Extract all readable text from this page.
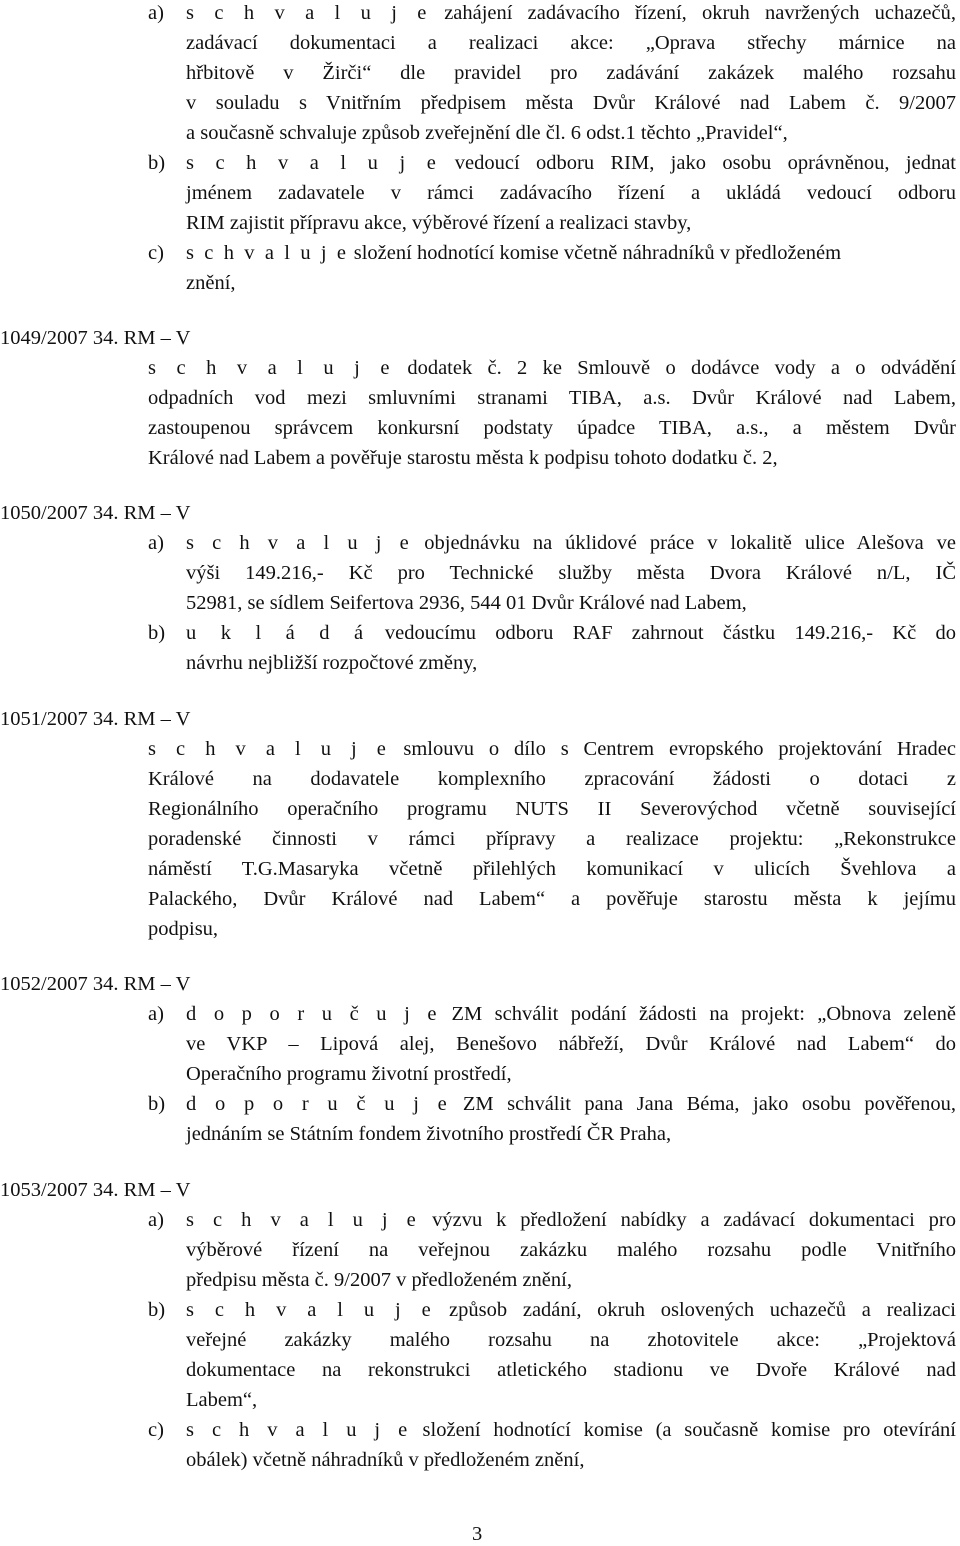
a) s c h v a l u j e zahájení zadávacího řízení, okruh navržených uchazečů,
zadávací dokumentaci a realizaci akce: „Oprava střechy márnice na
hřbitově v Žirči“ dle pravidel pro zadávání zakázek malého rozsahu
v souladu s Vnitřním předpisem města Dvůr Králové nad Labem č. 9/2007
a současně schvaluje způsob zveřejnění dle čl. 6 odst.1 těchto „Pravidel“,
b) s c h v a l u j e vedoucí odboru RIM, jako osobu oprávněnou, jednat
jménem zadavatele v rámci zadávacího řízení a ukládá vedoucí odboru
RIM zajistit přípravu akce, výběrové řízení a realizaci stavby,
c) s c h v a l u j e složení hodnotící komise včetně náhradníků v předloženém
znění,
1049/2007 34. RM – V
s c h v a l u j e dodatek č. 2 ke Smlouvě o dodávce vody a o odvádění
odpadních vod mezi smluvními stranami TIBA, a.s. Dvůr Králové nad Labem,
zastoupenou správcem konkursní podstaty úpadce TIBA, a.s., a městem Dvůr
Králové nad Labem a pověřuje starostu města k podpisu tohoto dodatku č. 2,
1050/2007 34. RM – V
a) s c h v a l u j e objednávku na úklidové práce v lokalitě ulice Alešova ve
výši 149.216,- Kč pro Technické služby města Dvora Králové n/L, IČ
52981, se sídlem Seifertova 2936, 544 01 Dvůr Králové nad Labem,
b) u k l á d á vedoucímu odboru RAF zahrnout částku 149.216,- Kč do
návrhu nejbližší rozpočtové změny,
1051/2007 34. RM – V
s c h v a l u j e smlouvu o dílo s Centrem evropského projektování Hradec
Králové na dodavatele komplexního zpracování žádosti o dotaci z
Regionálního operačního programu NUTS II Severovýchod včetně související
poradenské činnosti v rámci přípravy a realizace projektu: „Rekonstrukce
náměstí T.G.Masaryka včetně přilehlých komunikací v ulicích Švehlova a
Palackého, Dvůr Králové nad Labem“ a pověřuje starostu města k jejímu
podpisu,
1052/2007 34. RM – V
a) d o p o r u č u j e ZM schválit podání žádosti na projekt: „Obnova zeleně
ve VKP – Lipová alej, Benešovo nábřeží, Dvůr Králové nad Labem“ do
Operačního programu životní prostředí,
b) d o p o r u č u j e ZM schválit pana Jana Béma, jako osobu pověřenou,
jednáním se Státním fondem životního prostředí ČR Praha,
1053/2007 34. RM – V
a) s c h v a l u j e výzvu k předložení nabídky a zadávací dokumentaci pro
výběrové řízení na veřejnou zakázku malého rozsahu podle Vnitřního
předpisu města č. 9/2007 v předloženém znění,
b) s c h v a l u j e způsob zadání, okruh oslovených uchazečů a realizaci
veřejné zakázky malého rozsahu na zhotovitele akce: „Projektová
dokumentace na rekonstrukci atletického stadionu ve Dvoře Králové nad
Labem“,
c) s c h v a l u j e složení hodnotící komise (a současně komise pro otevírání
obálek) včetně náhradníků v předloženém znění,
3
